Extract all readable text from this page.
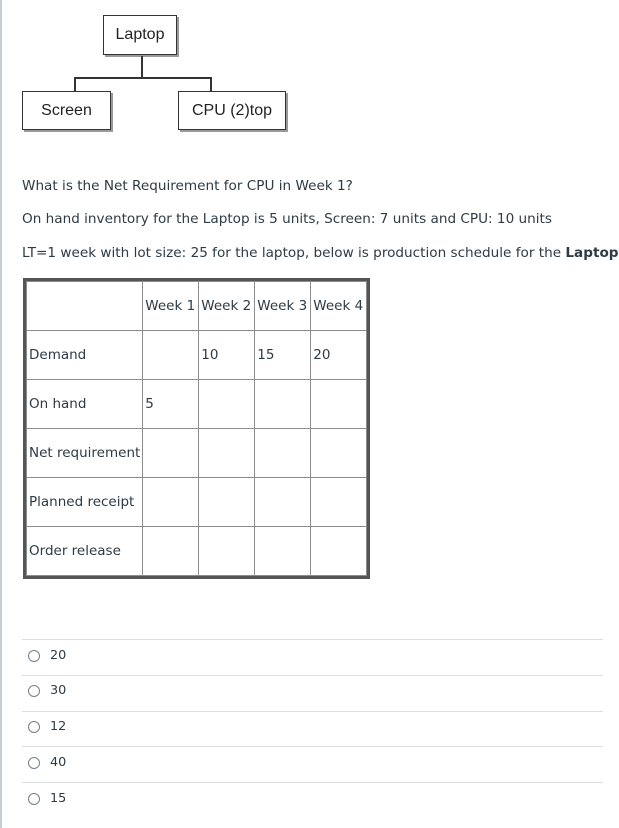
Laptop
Screen	CPU (2)top
What is the Net Requirement for CPU in Week 1?
On hand inventory for the Laptop is 5 units, Screen: 7 units and CPU: 10 units
LT=1 week with lot size: 25 for the laptop, below is production schedule for the Laptop
	Week 1	Week 2	Week 3	Week 4
Demand		10	15	20
On hand	5			
Net requirement				
Planned receipt				
Order release				
20
30
12
40
15
